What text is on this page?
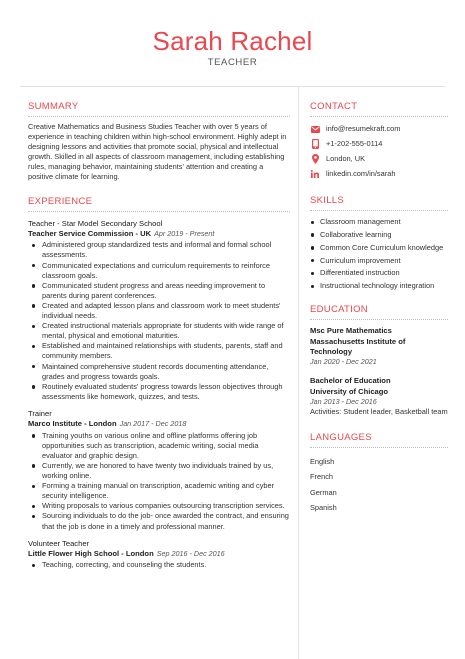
Sarah Rachel
TEACHER
SUMMARY

Creative Mathematics and Business Studies Teacher with over 5 years of experience in teaching children within high-school environment. Highly adept in designing lessons and activities that promote social, physical and intellectual growth. Skilled in all aspects of classroom management, including establishing rules, managing behavior, maintaining students' attention and creating a positive climate for learning.

EXPERIENCE
Teacher - Star Model Secondary School
Teacher Service Commission - UK Apr 2019 - Present
Administered group standardized tests and informal and formal school assessments.
Communicated expectations and curriculum requirements to reinforce classroom goals.
Communicated student progress and areas needing improvement to parents during parent conferences.
Created and adapted lesson plans and classroom work to meet students' individual needs.
Created instructional materials appropriate for students with wide range of mental, physical and emotional maturities.
Established and maintained relationships with students, parents, staff and community members.
Maintained comprehensive student records documenting attendance, grades and progress towards goals.
Routinely evaluated students' progress towards lesson objectives through assessments like homework, quizzes, and tests.
Trainer
Marco Institute - London Jan 2017 - Dec 2018
Training youths on various online and offline platforms offering job opportunities such as transcription, academic writing, social media evaluator and graphic design.
Currently, we are honored to have twenty two individuals trained by us, working online.
Forming a training manual on transcription, academic writing and cyber security intelligence.
Writing proposals to various companies outsourcing transcription services.
Sourcing individuals to do the job- once awarded the contract, and ensuring that the job is done in a timely and professional manner.
Volunteer Teacher
Little Flower High School - London Sep 2016 - Dec 2016
Teaching, correcting, and counseling the students.
CONTACT
info@resumekraft.com
+1-202-555-0114
London, UK
linkedin.com/in/sarah
SKILLS
Classroom management
Collaborative learning
Common Core Curriculum knowledge
Curriculum improvement
Differentiated instruction
Instructional technology integration
EDUCATION
Msc Pure Mathematics
Massachusetts Institute of Technology
Jan 2020 - Dec 2021
Bachelor of Education
University of Chicago
Jan 2013 - Dec 2016
Activities: Student leader, Basketball team
LANGUAGES
English
French
German
Spanish
